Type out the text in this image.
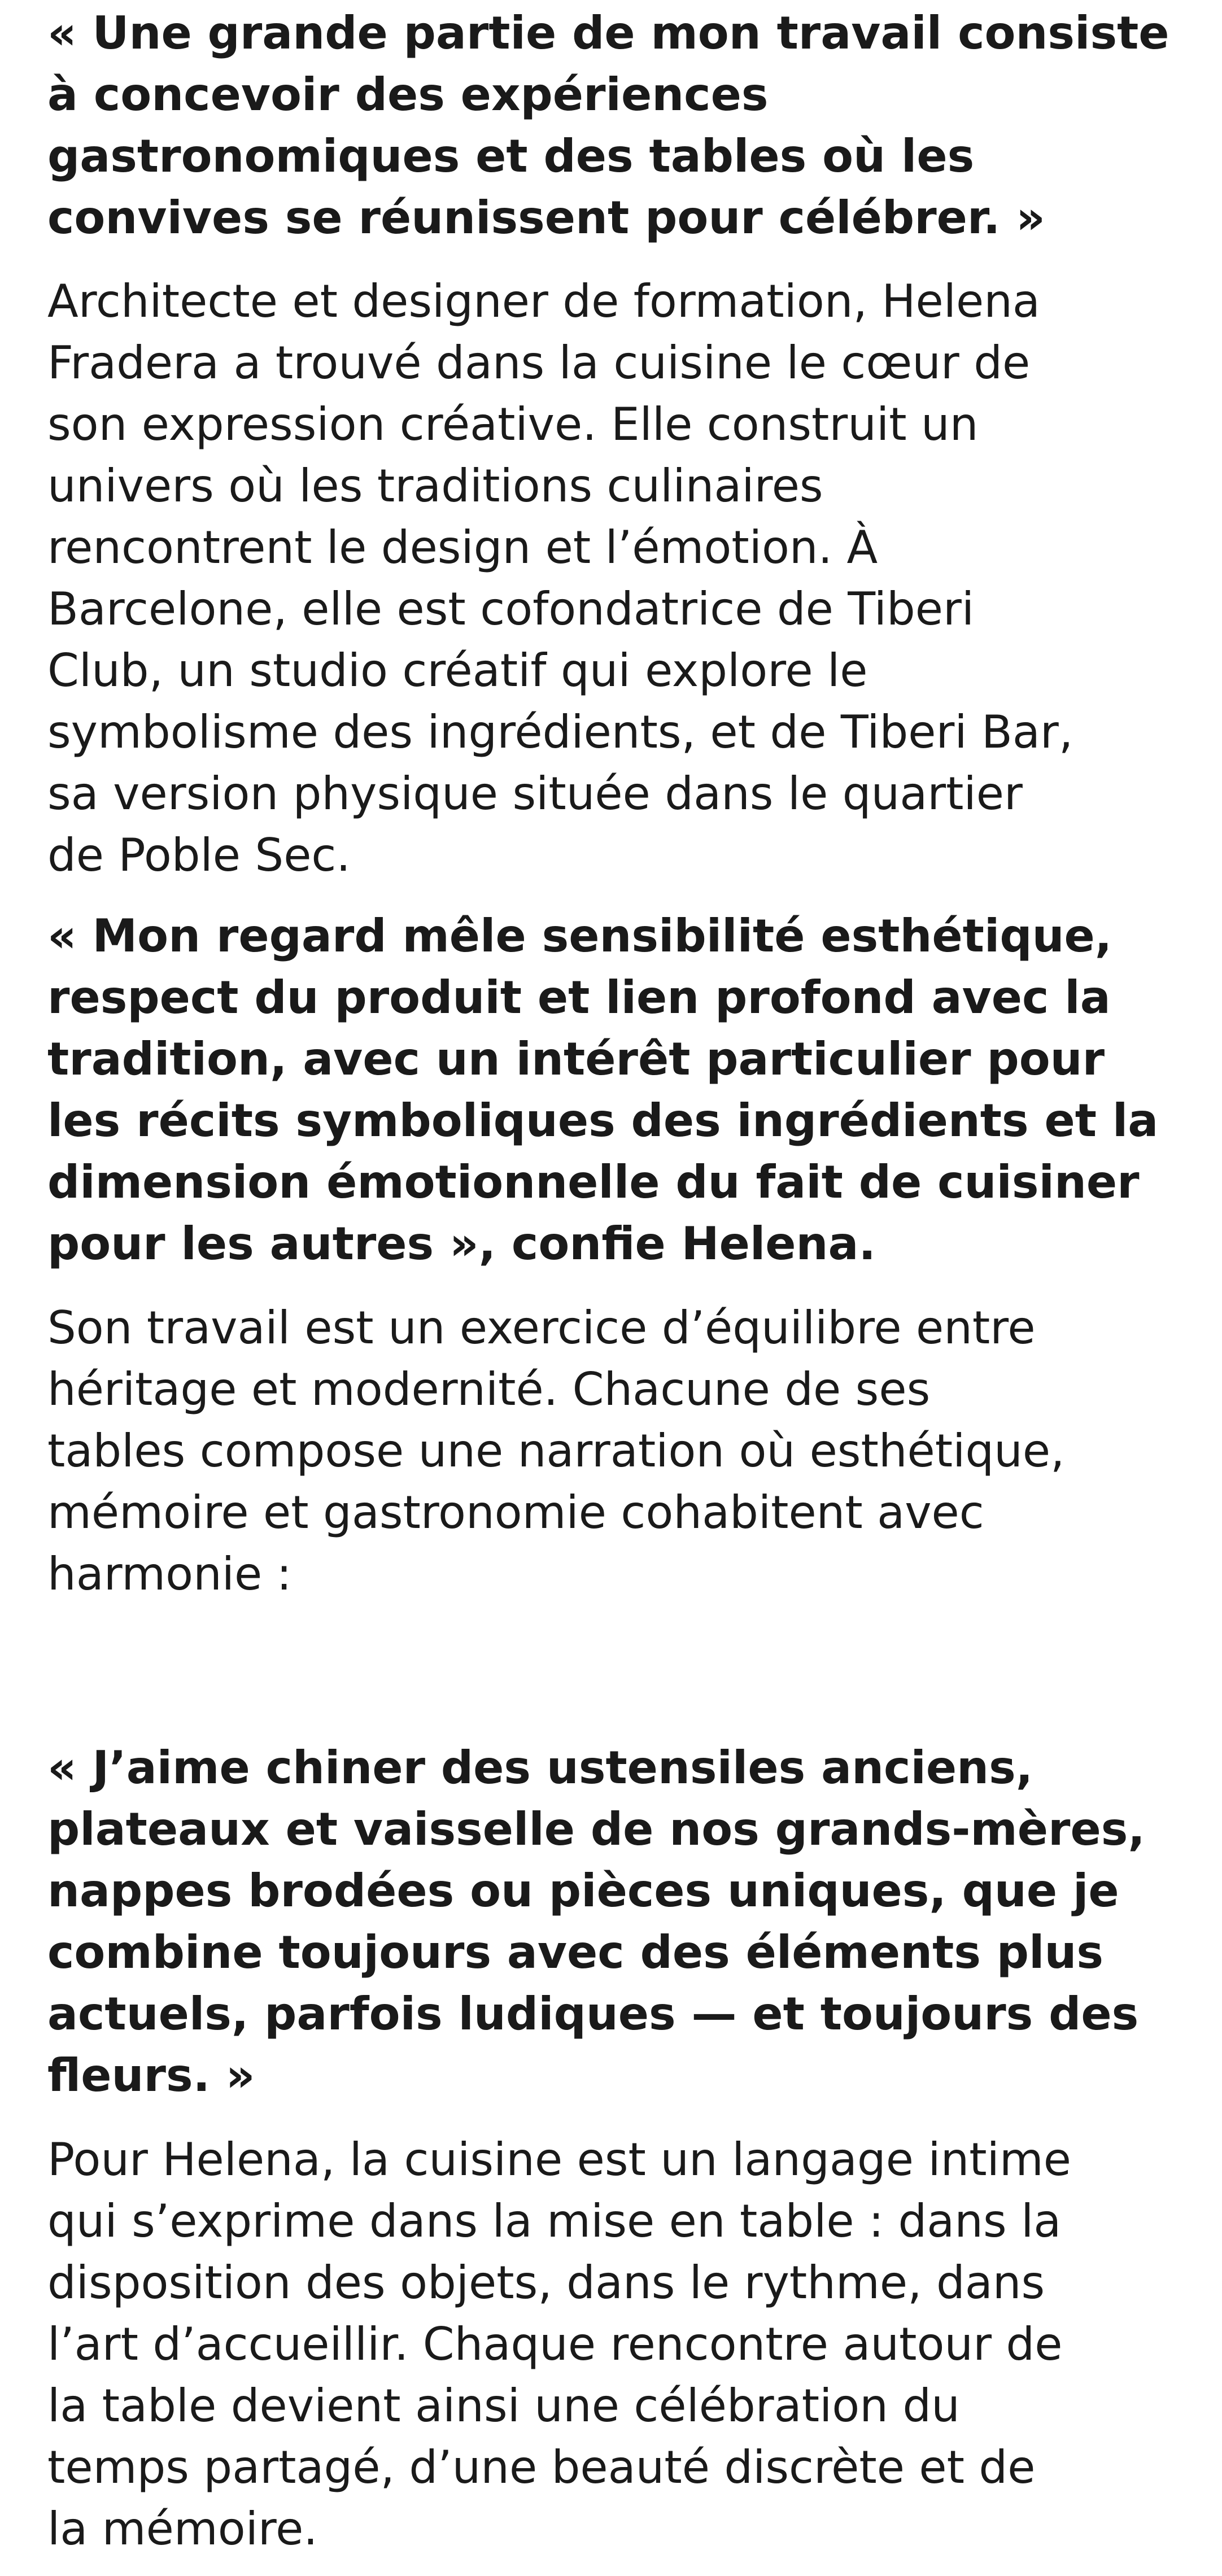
« Une grande partie de mon travail consiste
à concevoir des expériences
gastronomiques et des tables où les
convives se réunissent pour célébrer. »

Architecte et designer de formation, Helena
Fradera a trouvé dans la cuisine le cœur de
son expression créative. Elle construit un
univers où les traditions culinaires
rencontrent le design et l’émotion. À
Barcelone, elle est cofondatrice de Tiberi
Club, un studio créatif qui explore le
symbolisme des ingrédients, et de Tiberi Bar,
sa version physique située dans le quartier
de Poble Sec.

« Mon regard mêle sensibilité esthétique,
respect du produit et lien profond avec la
tradition, avec un intérêt particulier pour
les récits symboliques des ingrédients et la
dimension émotionnelle du fait de cuisiner
pour les autres », confie Helena.

Son travail est un exercice d’équilibre entre
héritage et modernité. Chacune de ses
tables compose une narration où esthétique,
mémoire et gastronomie cohabitent avec
harmonie :

« J’aime chiner des ustensiles anciens,
plateaux et vaisselle de nos grands-mères,
nappes brodées ou pièces uniques, que je
combine toujours avec des éléments plus
actuels, parfois ludiques — et toujours des
fleurs. »

Pour Helena, la cuisine est un langage intime
qui s’exprime dans la mise en table : dans la
disposition des objets, dans le rythme, dans
l’art d’accueillir. Chaque rencontre autour de
la table devient ainsi une célébration du
temps partagé, d’une beauté discrète et de
la mémoire.
